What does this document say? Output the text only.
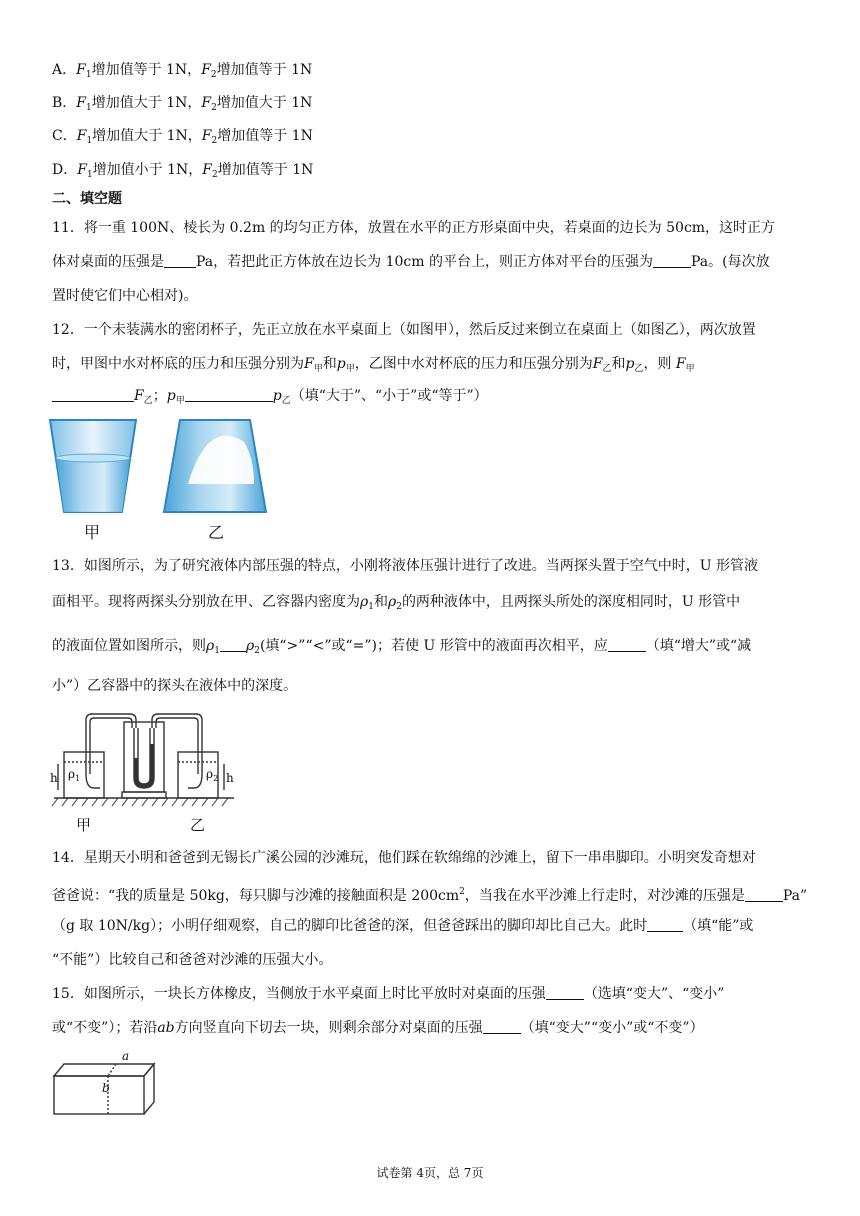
A．$F_1$增加值等于 1N，$F_2$增加值等于 1N
B．$F_1$增加值大于 1N，$F_2$增加值大于 1N
C．$F_1$增加值大于 1N，$F_2$增加值等于 1N
D．$F_1$增加值小于 1N，$F_2$增加值等于 1N
二、填空题
11．将一重 100N、棱长为 0.2m 的均匀正方体，放置在水平的正方形桌面中央，若桌面的边长为 50cm，这时正方
体对桌面的压强是 Pa，若把此正方体放在边长为 10cm 的平台上，则正方体对平台的压强为	Pa。(每次放
置时使它们中心相对)。
12．一个未装满水的密闭杯子，先正立放在水平桌面上（如图甲），然后反过来倒立在桌面上（如图乙），两次放置
时，甲图中水对杯底的压力和压强分别为$F_甲$和$p_甲$，乙图中水对杯底的压力和压强分别为$F_乙$和$p_乙$，则 $F_甲$
$F_乙$；$p_甲$	$p_乙$（填“大于”、“小于”或“等于”）
甲	乙
13．如图所示，为了研究液体内部压强的特点，小刚将液体压强计进行了改进。当两探头置于空气中时，U 形管液
面相平。现将两探头分别放在甲、乙容器内密度为$\rho_1$和$\rho_2$的两种液体中，且两探头所处的深度相同时，U 形管中
的液面位置如图所示，则$\rho_1$ $\rho_2$(填“>”“<”或“=”)；若使 U 形管中的液面再次相平，应	（填“增大”或“减
小”）乙容器中的探头在液体中的深度。
h	h
$\rho_1$	$\rho_2$
甲	乙
14．星期天小明和爸爸到无锡长广溪公园的沙滩玩，他们踩在软绵绵的沙滩上，留下一串串脚印。小明突发奇想对
爸爸说：“我的质量是 50kg，每只脚与沙滩的接触面积是 $200cm^2$，当我在水平沙滩上行走时，对沙滩的压强是	Pa”
（g 取 10N/kg）；小明仔细观察，自己的脚印比爸爸的深，但爸爸踩出的脚印却比自己大。此时	（填“能”或
“不能”）比较自己和爸爸对沙滩的压强大小。
15．如图所示，一块长方体橡皮，当侧放于水平桌面上时比平放时对桌面的压强	（选填“变大”、“变小”
或“不变”）；若沿ab方向竖直向下切去一块，则剩余部分对桌面的压强	（填“变大”“变小”或“不变”）
a
b
试卷第 4页，总 7页
